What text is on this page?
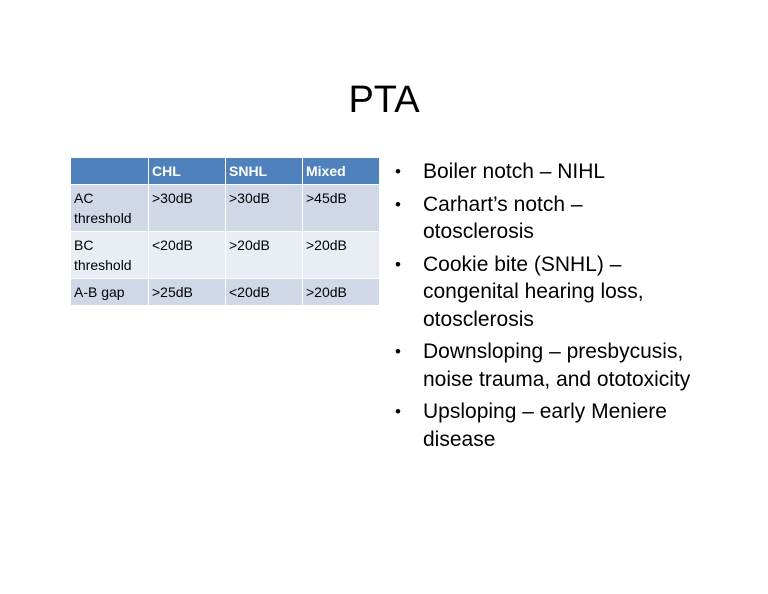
PTA
	CHL	SNHL	Mixed
AC threshold	>30dB	>30dB	>45dB
BC threshold	<20dB	>20dB	>20dB
A-B gap	>25dB	<20dB	>20dB
•	Boiler notch – NIHL
•	Carhart’s notch – otosclerosis
•	Cookie bite (SNHL) – congenital hearing loss, otosclerosis
•	Downsloping – presbycusis, noise trauma, and ototoxicity
•	Upsloping – early Meniere disease
